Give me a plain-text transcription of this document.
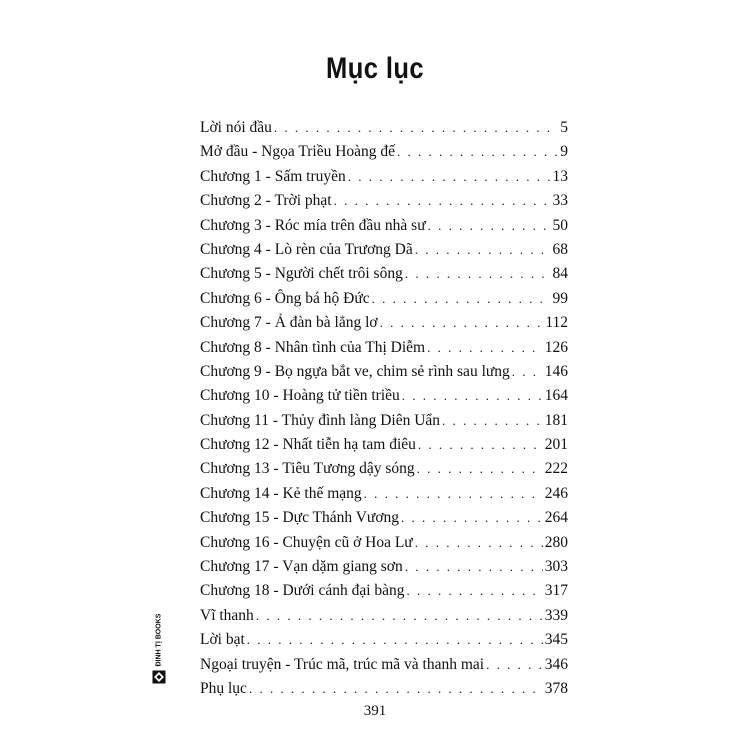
Mục lục
Lời nói đầu . . .	5
Mở đầu - Ngọa Triều Hoàng đế . . .	9
Chương 1 - Sấm truyền . . .	13
Chương 2 - Trời phạt . . .	33
Chương 3 - Róc mía trên đầu nhà sư . . .	50
Chương 4 - Lò rèn của Trương Dã . . .	68
Chương 5 - Người chết trôi sông . . .	84
Chương 6 - Ông bá hộ Đức . . .	99
Chương 7 - Ả đàn bà lẳng lơ . . .	112
Chương 8 - Nhân tình của Thị Diễm . . .	126
Chương 9 - Bọ ngựa bắt ve, chim sẻ rình sau lưng . . . 146
Chương 10 - Hoàng tử tiền triều . . .	164
Chương 11 - Thủy đình làng Diên Uẩn . . .	181
Chương 12 - Nhất tiễn hạ tam điêu . . .	201
Chương 13 - Tiêu Tương dậy sóng . . .	222
Chương 14 - Kẻ thế mạng . . .	246
Chương 15 - Dực Thánh Vương . . .	264
Chương 16 - Chuyện cũ ở Hoa Lư . . .	280
Chương 17 - Vạn dặm giang sơn . . .	303
Chương 18 - Dưới cánh đại bàng . . .	317
Vĩ thanh . . .	339
Lời bạt . . .	345
Ngoại truyện - Trúc mã, trúc mã và thanh mai . . .	346
Phụ lục . . .	378
ĐINH TỊ BOOKS
391
